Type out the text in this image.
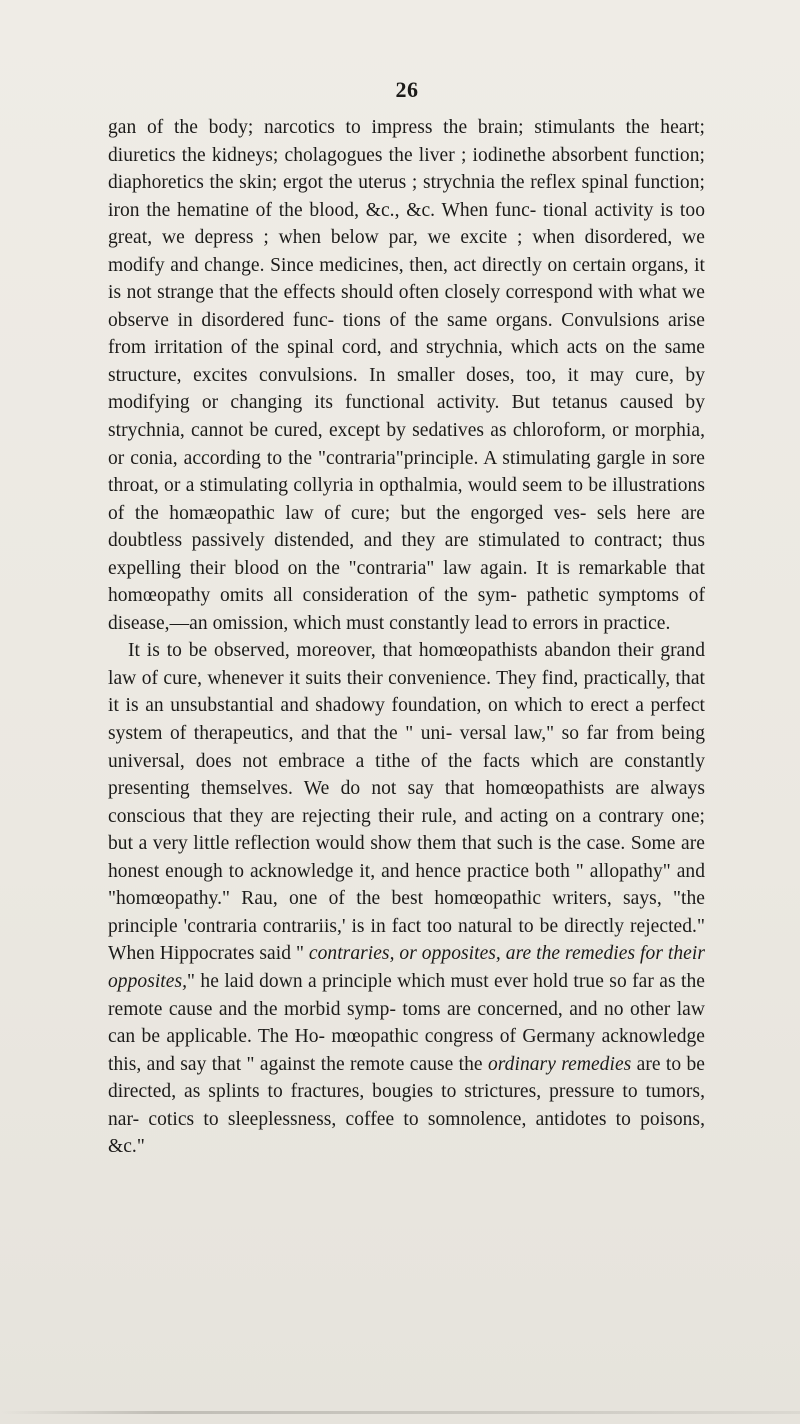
26

gan of the body; narcotics to impress the brain; stimulants the heart; diuretics the kidneys; cholagogues the liver ; iodinethe absorbent function; diaphoretics the skin; ergot the uterus ; strychnia the reflex spinal function; iron the hematine of the blood, &c., &c. When func- tional activity is too great, we depress ; when below par, we excite ; when disordered, we modify and change. Since medicines, then, act directly on certain organs, it is not strange that the effects should often closely correspond with what we observe in disordered func- tions of the same organs. Convulsions arise from irritation of the spinal cord, and strychnia, which acts on the same structure, excites convulsions. In smaller doses, too, it may cure, by modifying or changing its functional activity. But tetanus caused by strychnia, cannot be cured, except by sedatives as chloroform, or morphia, or conia, according to the "contraria"principle. A stimulating gargle in sore throat, or a stimulating collyria in opthalmia, would seem to be illustrations of the homæopathic law of cure; but the engorged ves- sels here are doubtless passively distended, and they are stimulated to contract; thus expelling their blood on the "contraria" law again. It is remarkable that homœopathy omits all consideration of the sym- pathetic symptoms of disease,—an omission, which must constantly lead to errors in practice.

It is to be observed, moreover, that homœopathists abandon their grand law of cure, whenever it suits their convenience. They find, practically, that it is an unsubstantial and shadowy foundation, on which to erect a perfect system of therapeutics, and that the " uni- versal law," so far from being universal, does not embrace a tithe of the facts which are constantly presenting themselves. We do not say that homœopathists are always conscious that they are rejecting their rule, and acting on a contrary one; but a very little reflection would show them that such is the case. Some are honest enough to acknowledge it, and hence practice both " allopathy" and "homœopathy." Rau, one of the best homœopathic writers, says, "the principle 'contraria contrariis,' is in fact too natural to be directly rejected." When Hippocrates said " contraries, or opposites, are the remedies for their opposites," he laid down a principle which must ever hold true so far as the remote cause and the morbid symp- toms are concerned, and no other law can be applicable. The Ho- mœopathic congress of Germany acknowledge this, and say that " against the remote cause the ordinary remedies are to be directed, as splints to fractures, bougies to strictures, pressure to tumors, nar- cotics to sleeplessness, coffee to somnolence, antidotes to poisons, &c."
